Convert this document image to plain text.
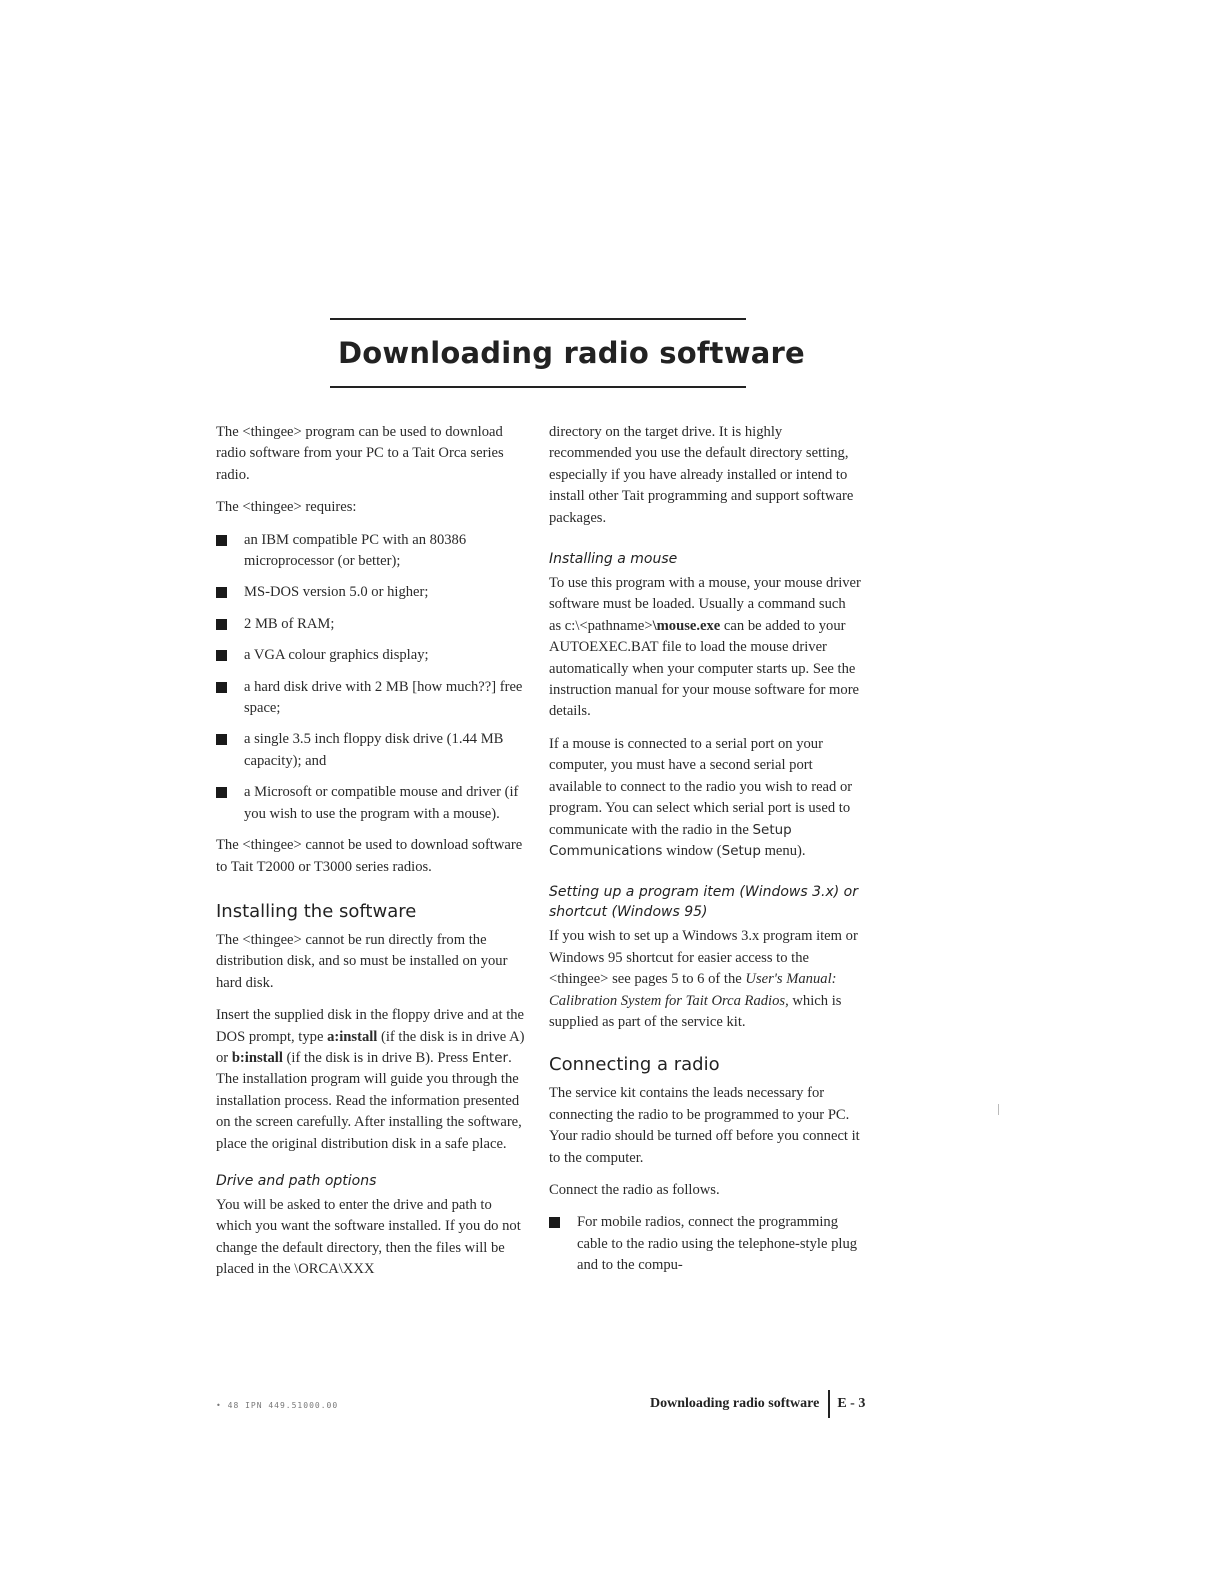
Downloading radio software

The <thingee> program can be used to download radio software from your PC to a Tait Orca series radio.

The <thingee> requires:

an IBM compatible PC with an 80386 microprocessor (or better);
MS-DOS version 5.0 or higher;
2 MB of RAM;
a VGA colour graphics display;
a hard disk drive with 2 MB [how much??] free space;
a single 3.5 inch floppy disk drive (1.44 MB capacity); and
a Microsoft or compatible mouse and driver (if you wish to use the program with a mouse).

The <thingee> cannot be used to download software to Tait T2000 or T3000 series radios.

Installing the software

The <thingee> cannot be run directly from the distribution disk, and so must be installed on your hard disk.

Insert the supplied disk in the floppy drive and at the DOS prompt, type a:install (if the disk is in drive A) or b:install (if the disk is in drive B). Press Enter. The installation program will guide you through the installation process. Read the information presented on the screen carefully. After installing the software, place the original distribution disk in a safe place.

Drive and path options

You will be asked to enter the drive and path to which you want the software installed. If you do not change the default directory, then the files will be placed in the \ORCA\XXX

directory on the target drive. It is highly recommended you use the default directory setting, especially if you have already installed or intend to install other Tait programming and support software packages.

Installing a mouse

To use this program with a mouse, your mouse driver software must be loaded. Usually a command such as c:\<pathname>\mouse.exe can be added to your AUTOEXEC.BAT file to load the mouse driver automatically when your computer starts up. See the instruction manual for your mouse software for more details.

If a mouse is connected to a serial port on your computer, you must have a second serial port available to connect to the radio you wish to read or program. You can select which serial port is used to communicate with the radio in the Setup Communications window (Setup menu).

Setting up a program item (Windows 3.x) or shortcut (Windows 95)

If you wish to set up a Windows 3.x program item or Windows 95 shortcut for easier access to the <thingee> see pages 5 to 6 of the User's Manual: Calibration System for Tait Orca Radios, which is supplied as part of the service kit.

Connecting a radio

The service kit contains the leads necessary for connecting the radio to be programmed to your PC. Your radio should be turned off before you connect it to the computer.

Connect the radio as follows.

For mobile radios, connect the programming cable to the radio using the telephone-style plug and to the compu-
• 48 IPN 449.51000.00	Downloading radio software E - 3
